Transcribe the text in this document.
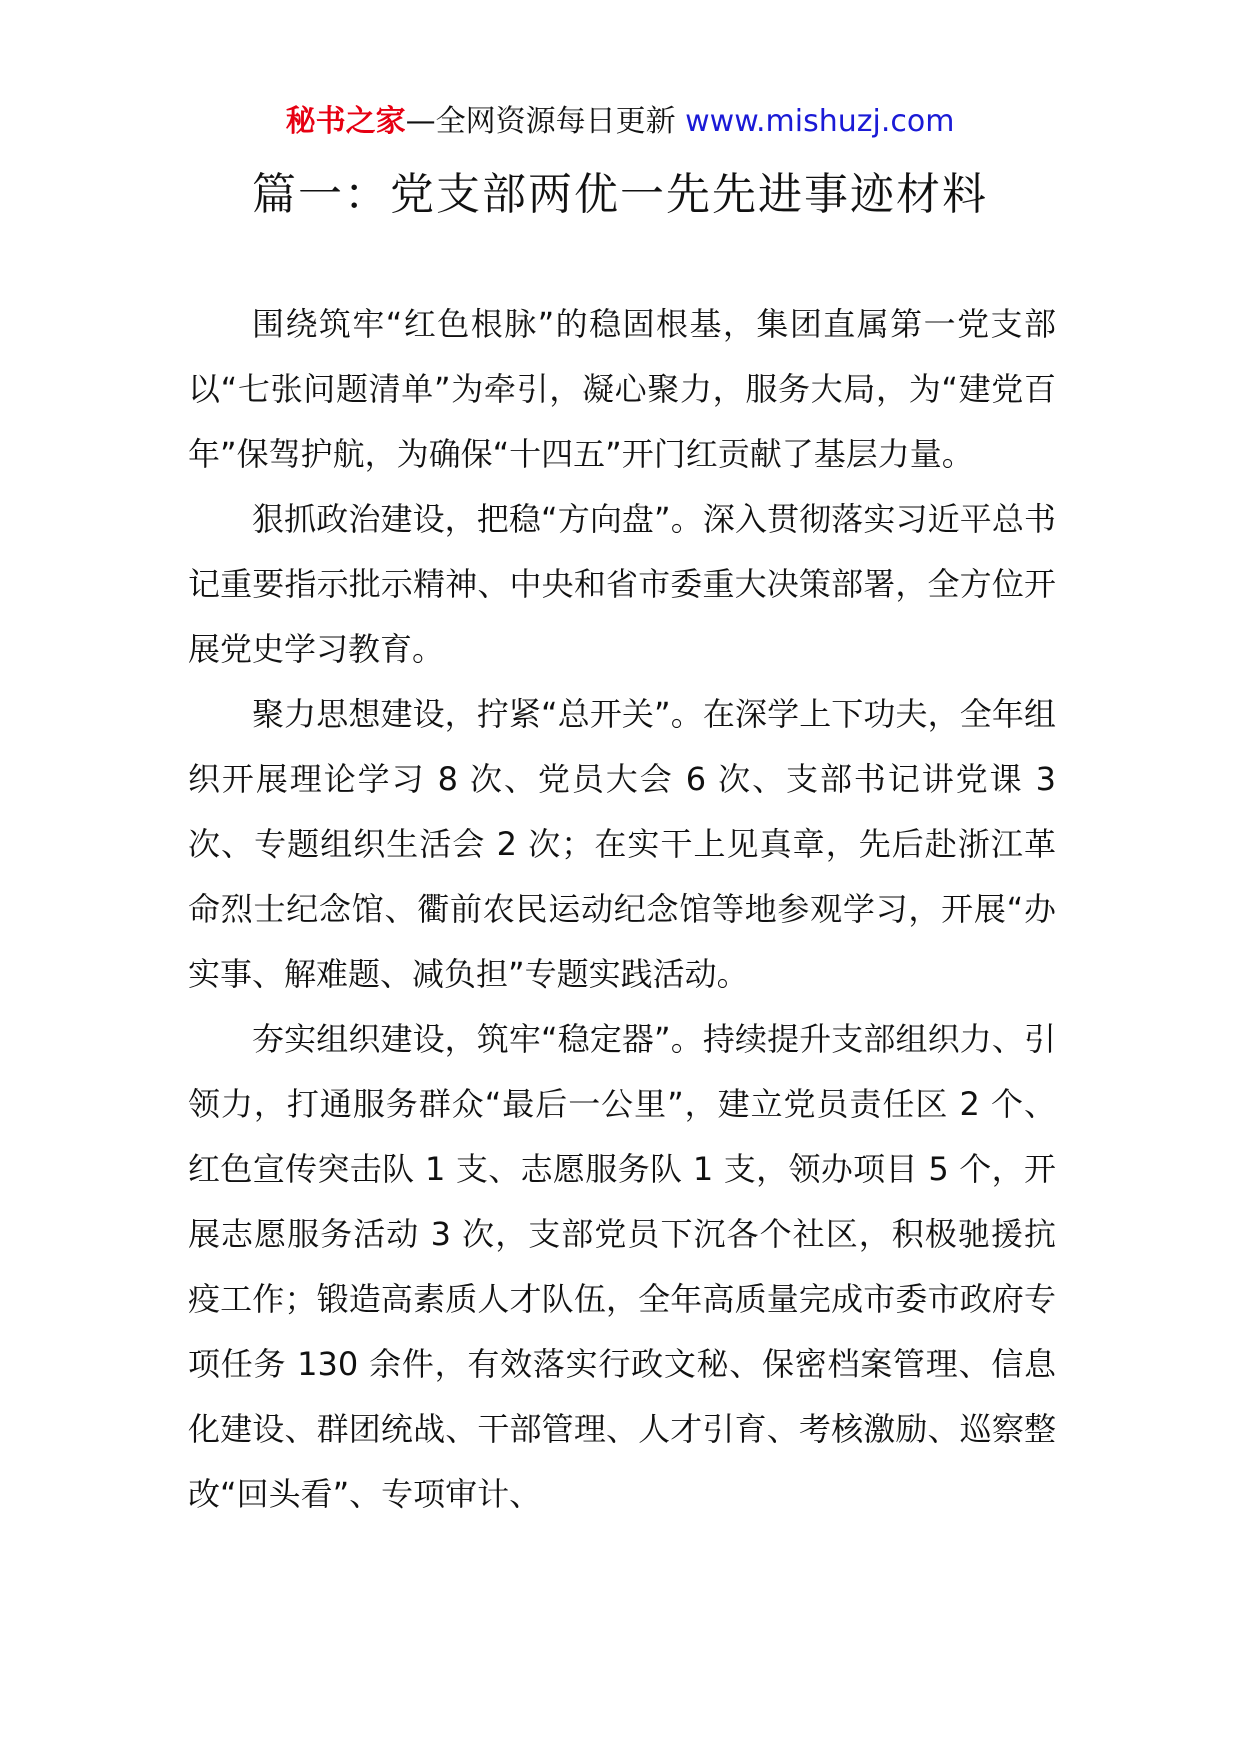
秘书之家—全网资源每日更新 www.mishuzj.com
篇一：党支部两优一先先进事迹材料

围绕筑牢“红色根脉”的稳固根基，集团直属第一党支部以“七张问题清单”为牵引，凝心聚力，服务大局，为“建党百年”保驾护航，为确保“十四五”开门红贡献了基层力量。

狠抓政治建设，把稳“方向盘”。深入贯彻落实习近平总书记重要指示批示精神、中央和省市委重大决策部署，全方位开展党史学习教育。

聚力思想建设，拧紧“总开关”。在深学上下功夫，全年组织开展理论学习 8 次、党员大会 6 次、支部书记讲党课 3 次、专题组织生活会 2 次；在实干上见真章，先后赴浙江革命烈士纪念馆、衢前农民运动纪念馆等地参观学习，开展“办实事、解难题、减负担”专题实践活动。

夯实组织建设，筑牢“稳定器”。持续提升支部组织力、引领力，打通服务群众“最后一公里”，建立党员责任区 2 个、红色宣传突击队 1 支、志愿服务队 1 支，领办项目 5 个，开展志愿服务活动 3 次，支部党员下沉各个社区，积极驰援抗疫工作；锻造高素质人才队伍，全年高质量完成市委市政府专项任务 130 余件，有效落实行政文秘、保密档案管理、信息化建设、群团统战、干部管理、人才引育、考核激励、巡察整改“回头看”、专项审计、
